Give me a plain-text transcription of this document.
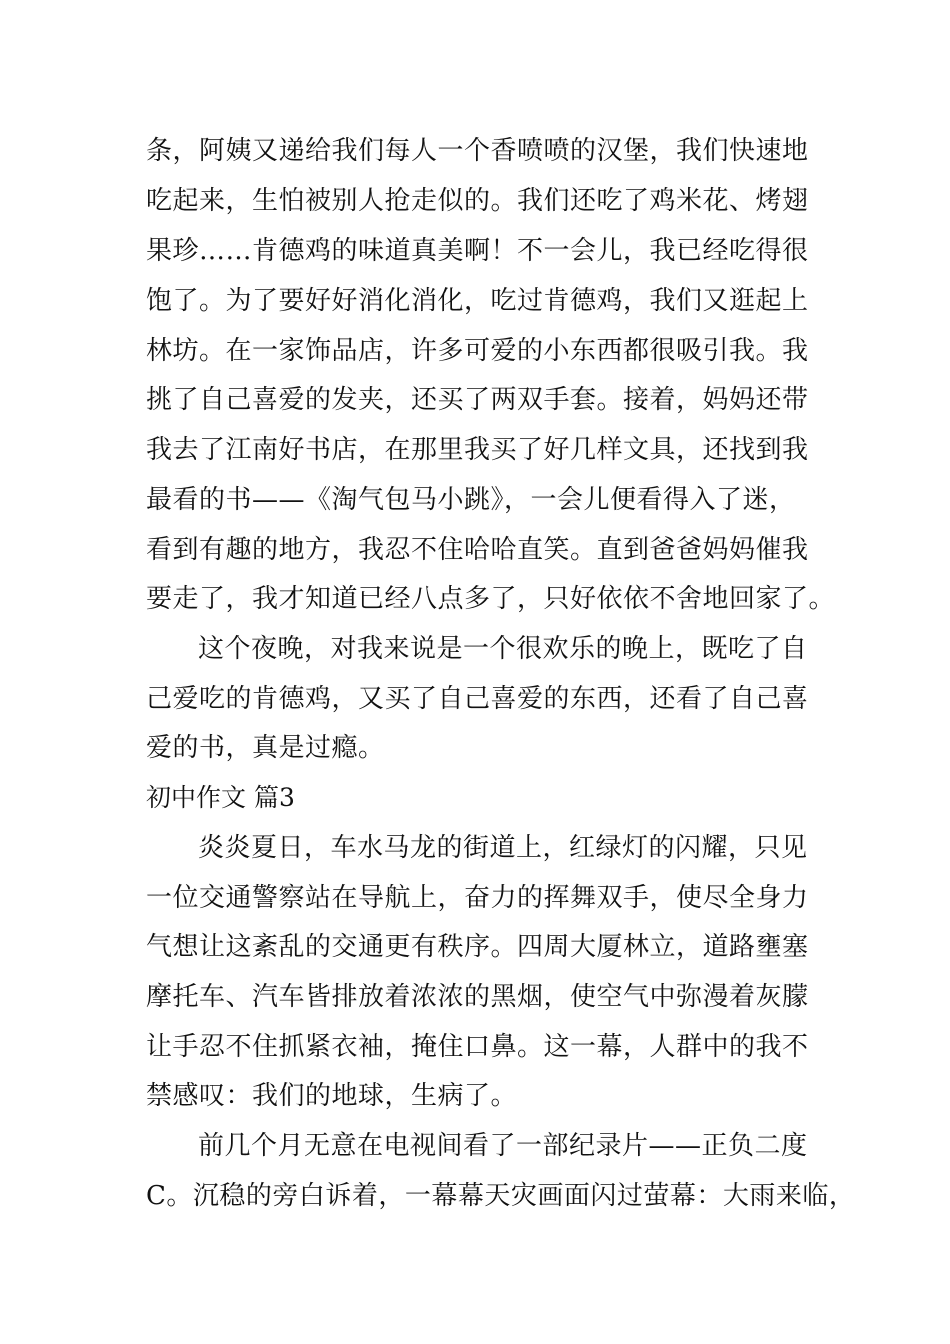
条，阿姨又递给我们每人一个香喷喷的汉堡，我们快速地
吃起来，生怕被别人抢走似的。我们还吃了鸡米花、烤翅
果珍……肯德鸡的味道真美啊！不一会儿，我已经吃得很
饱了。为了要好好消化消化，吃过肯德鸡，我们又逛起上
林坊。在一家饰品店，许多可爱的小东西都很吸引我。我
挑了自己喜爱的发夹，还买了两双手套。接着，妈妈还带
我去了江南好书店，在那里我买了好几样文具，还找到我
最看的书——《淘气包马小跳》，一会儿便看得入了迷，
看到有趣的地方，我忍不住哈哈直笑。直到爸爸妈妈催我
要走了，我才知道已经八点多了，只好依依不舍地回家了。
这个夜晚，对我来说是一个很欢乐的晚上，既吃了自
己爱吃的肯德鸡，又买了自己喜爱的东西，还看了自己喜
爱的书，真是过瘾。
初中作文 篇3
炎炎夏日，车水马龙的街道上，红绿灯的闪耀，只见
一位交通警察站在导航上，奋力的挥舞双手，使尽全身力
气想让这紊乱的交通更有秩序。四周大厦林立，道路壅塞
摩托车、汽车皆排放着浓浓的黑烟，使空气中弥漫着灰朦
让手忍不住抓紧衣袖，掩住口鼻。这一幕，人群中的我不
禁感叹：我们的地球，生病了。
前几个月无意在电视间看了一部纪录片——正负二度
C。沉稳的旁白诉着，一幕幕天灾画面闪过萤幕：大雨来临，
